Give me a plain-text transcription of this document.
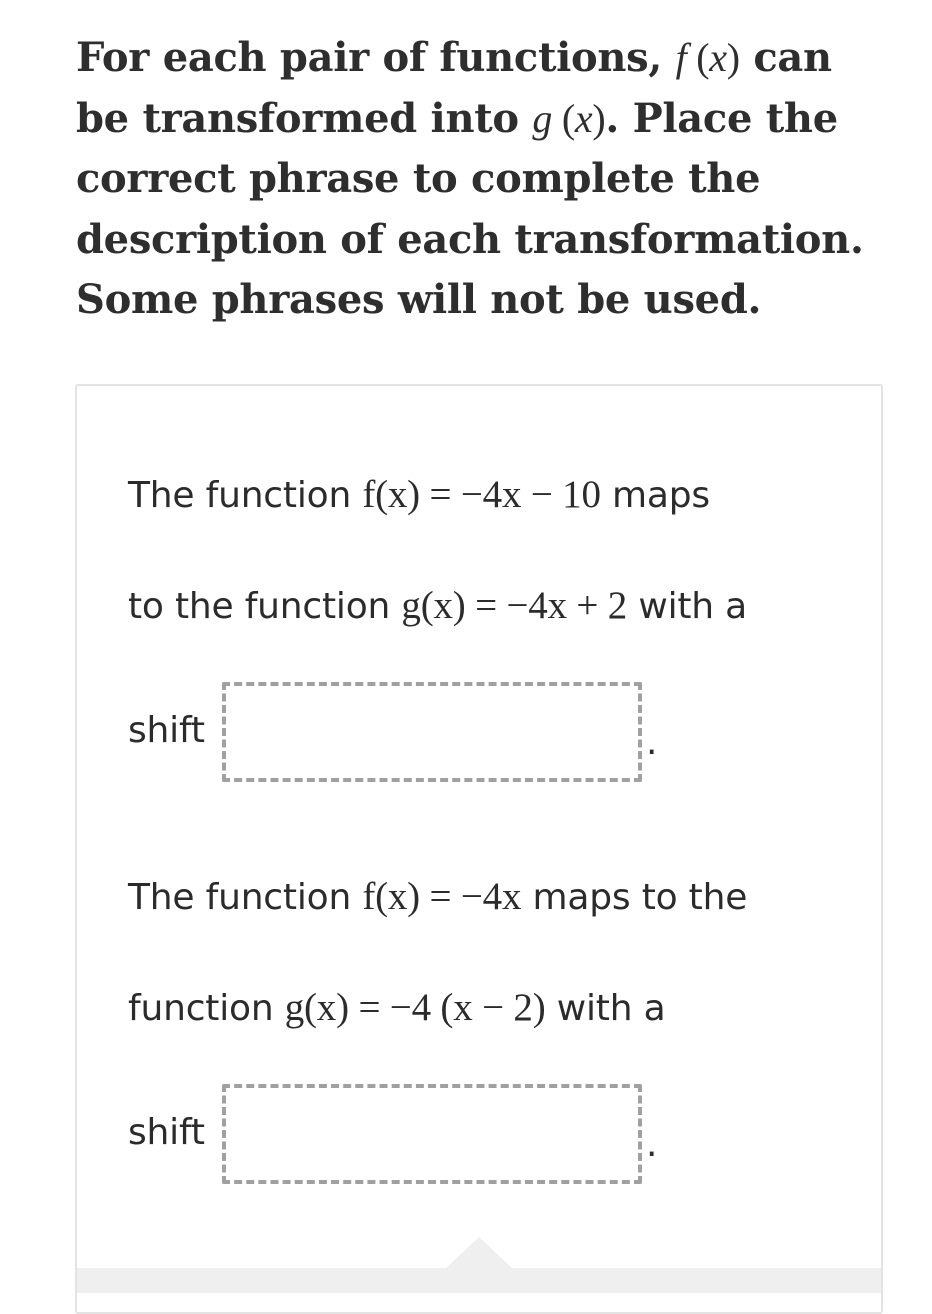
For each pair of functions, f (x) can be transformed into g (x). Place the correct phrase to complete the description of each transformation. Some phrases will not be used.
The function f(x) = −4x − 10 maps
to the function g(x) = −4x + 2 with a
shift	.
The function f(x) = −4x maps to the
function g(x) = −4 (x − 2) with a
shift	.
